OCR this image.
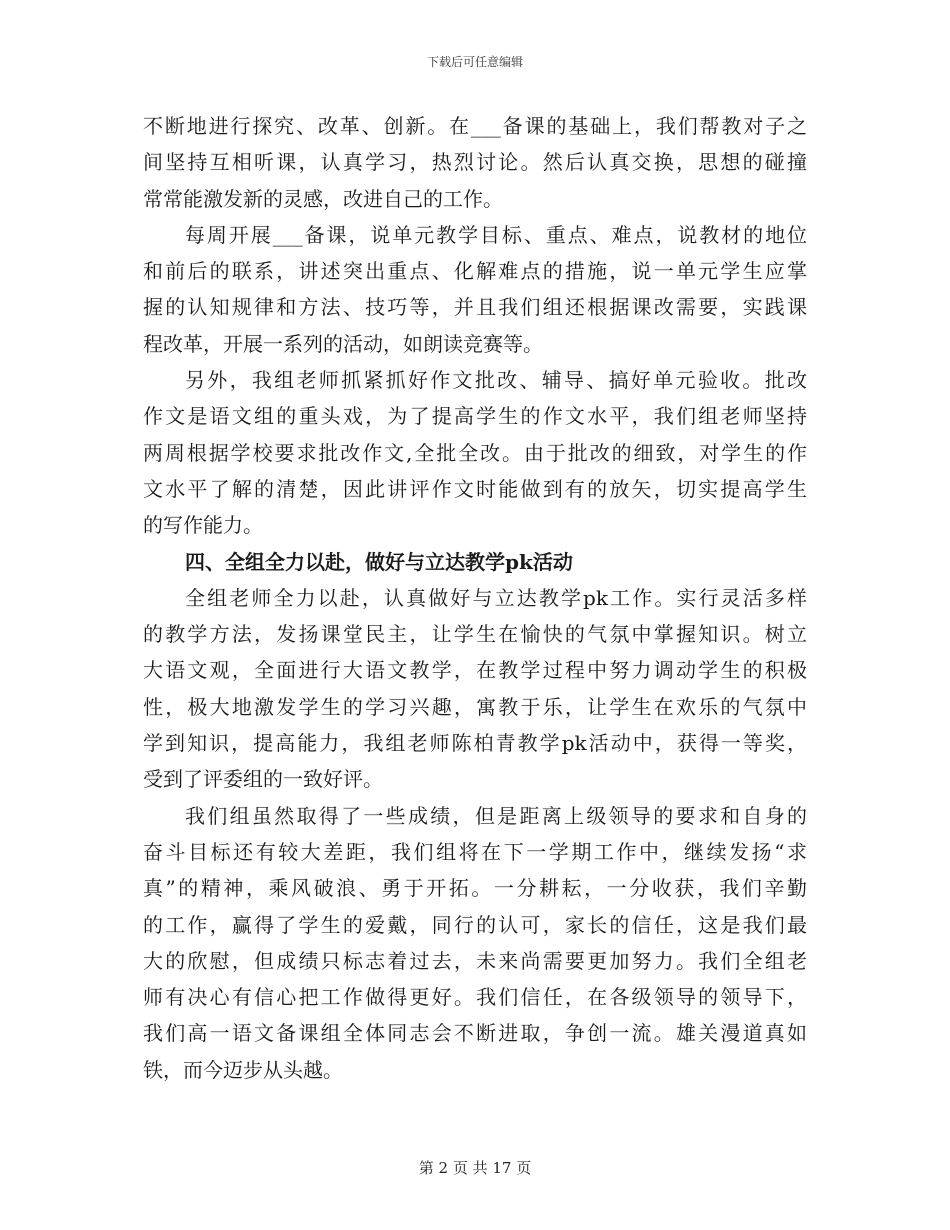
下载后可任意编辑
不断地进行探究、改革、创新。在___备课的基础上，我们帮教对子之
间坚持互相听课，认真学习，热烈讨论。然后认真交换，思想的碰撞
常常能激发新的灵感，改进自己的工作。
每周开展___备课，说单元教学目标、重点、难点，说教材的地位
和前后的联系，讲述突出重点、化解难点的措施，说一单元学生应掌
握的认知规律和方法、技巧等，并且我们组还根据课改需要，实践课
程改革，开展一系列的活动，如朗读竞赛等。
另外，我组老师抓紧抓好作文批改、辅导、搞好单元验收。批改
作文是语文组的重头戏，为了提高学生的作文水平，我们组老师坚持
两周根据学校要求批改作文,全批全改。由于批改的细致，对学生的作
文水平了解的清楚，因此讲评作文时能做到有的放矢，切实提高学生
的写作能力。
四、全组全力以赴，做好与立达教学pk活动
全组老师全力以赴，认真做好与立达教学pk工作。实行灵活多样
的教学方法，发扬课堂民主，让学生在愉快的气氛中掌握知识。树立
大语文观，全面进行大语文教学，在教学过程中努力调动学生的积极
性，极大地激发学生的学习兴趣，寓教于乐，让学生在欢乐的气氛中
学到知识，提高能力，我组老师陈柏青教学pk活动中，获得一等奖，
受到了评委组的一致好评。
我们组虽然取得了一些成绩，但是距离上级领导的要求和自身的
奋斗目标还有较大差距，我们组将在下一学期工作中，继续发扬“求
真”的精神，乘风破浪、勇于开拓。一分耕耘，一分收获，我们辛勤
的工作，赢得了学生的爱戴，同行的认可，家长的信任，这是我们最
大的欣慰，但成绩只标志着过去，未来尚需要更加努力。我们全组老
师有决心有信心把工作做得更好。我们信任，在各级领导的领导下，
我们高一语文备课组全体同志会不断进取，争创一流。雄关漫道真如
铁，而今迈步从头越。
第 2 页 共 17 页
